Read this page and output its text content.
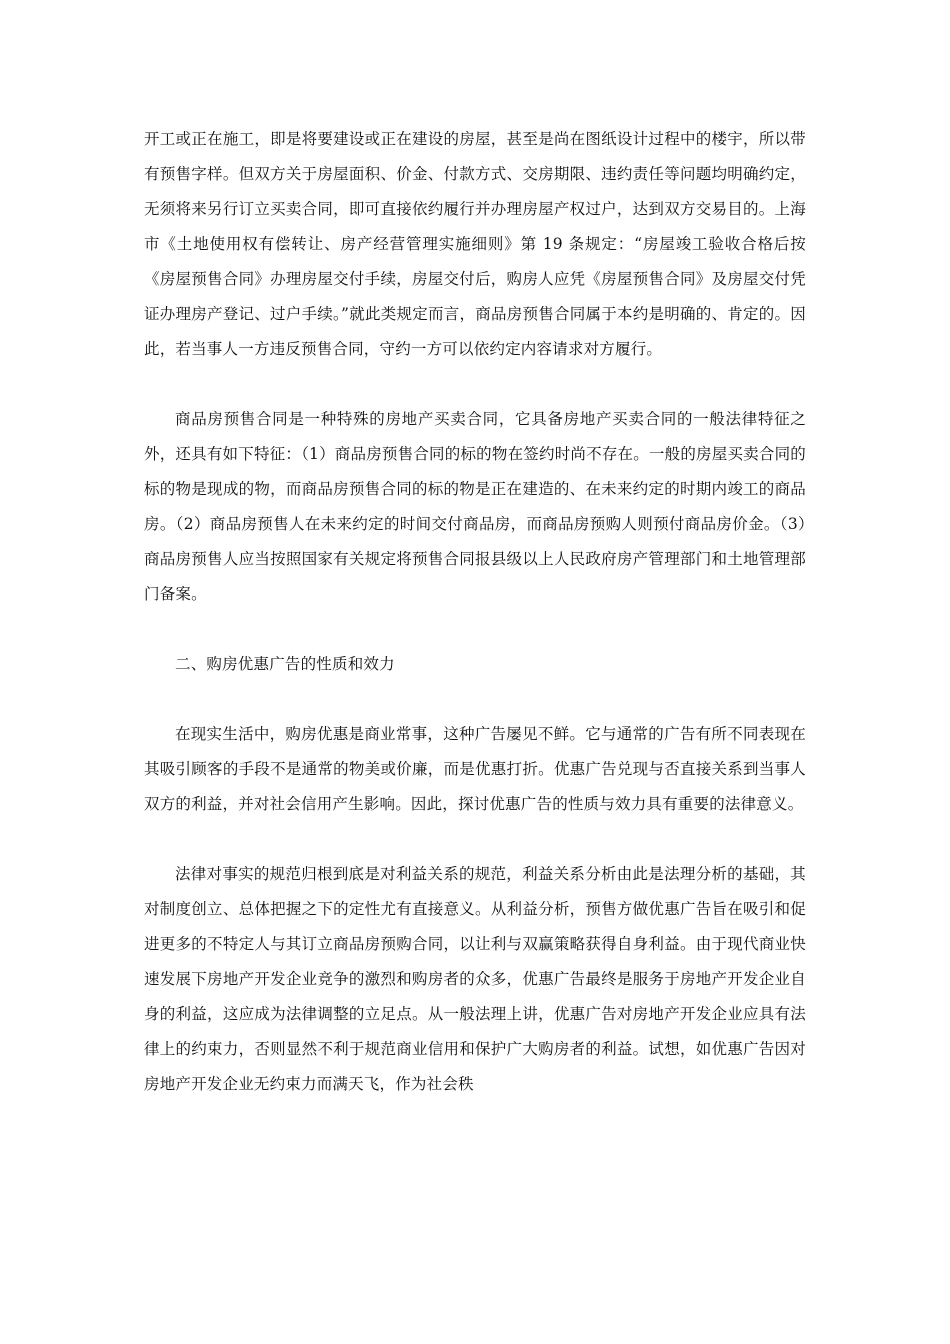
开工或正在施工，即是将要建设或正在建设的房屋，甚至是尚在图纸设计过程中的楼宇，所以带有预售字样。但双方关于房屋面积、价金、付款方式、交房期限、违约责任等问题均明确约定，无须将来另行订立买卖合同，即可直接依约履行并办理房屋产权过户，达到双方交易目的。上海市《土地使用权有偿转让、房产经营管理实施细则》第 19 条规定：“房屋竣工验收合格后按《房屋预售合同》办理房屋交付手续，房屋交付后，购房人应凭《房屋预售合同》及房屋交付凭证办理房产登记、过户手续。”就此类规定而言，商品房预售合同属于本约是明确的、肯定的。因此，若当事人一方违反预售合同，守约一方可以依约定内容请求对方履行。

商品房预售合同是一种特殊的房地产买卖合同，它具备房地产买卖合同的一般法律特征之外，还具有如下特征：（1）商品房预售合同的标的物在签约时尚不存在。一般的房屋买卖合同的标的物是现成的物，而商品房预售合同的标的物是正在建造的、在未来约定的时期内竣工的商品房。（2）商品房预售人在未来约定的时间交付商品房，而商品房预购人则预付商品房价金。（3）商品房预售人应当按照国家有关规定将预售合同报县级以上人民政府房产管理部门和土地管理部门备案。

二、购房优惠广告的性质和效力

在现实生活中，购房优惠是商业常事，这种广告屡见不鲜。它与通常的广告有所不同表现在其吸引顾客的手段不是通常的物美或价廉，而是优惠打折。优惠广告兑现与否直接关系到当事人双方的利益，并对社会信用产生影响。因此，探讨优惠广告的性质与效力具有重要的法律意义。

法律对事实的规范归根到底是对利益关系的规范，利益关系分析由此是法理分析的基础，其对制度创立、总体把握之下的定性尤有直接意义。从利益分析，预售方做优惠广告旨在吸引和促进更多的不特定人与其订立商品房预购合同，以让利与双赢策略获得自身利益。由于现代商业快速发展下房地产开发企业竞争的激烈和购房者的众多，优惠广告最终是服务于房地产开发企业自身的利益，这应成为法律调整的立足点。从一般法理上讲，优惠广告对房地产开发企业应具有法律上的约束力，否则显然不利于规范商业信用和保护广大购房者的利益。试想，如优惠广告因对房地产开发企业无约束力而满天飞，作为社会秩
